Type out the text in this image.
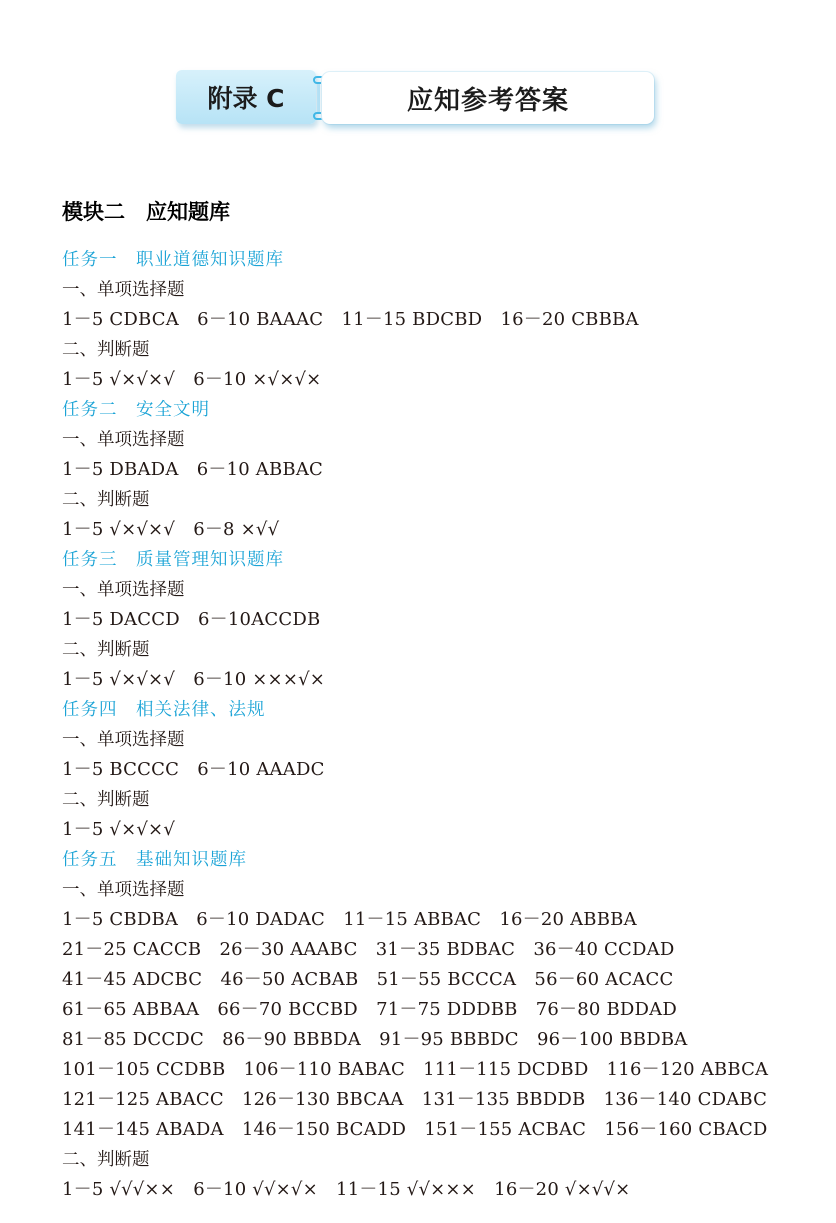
附录 C	应知参考答案
模块二　应知题库
任务一　职业道德知识题库
一、单项选择题
1－5 CDBCA　6－10 BAAAC　11－15 BDCBD　16－20 CBBBA
二、判断题
1－5 √×√×√　6－10 ×√×√×
任务二　安全文明
一、单项选择题
1－5 DBADA　6－10 ABBAC
二、判断题
1－5 √×√×√　6－8 ×√√
任务三　质量管理知识题库
一、单项选择题
1－5 DACCD　6－10ACCDB
二、判断题
1－5 √×√×√　6－10 ×××√×
任务四　相关法律、法规
一、单项选择题
1－5 BCCCC　6－10 AAADC
二、判断题
1－5 √×√×√
任务五　基础知识题库
一、单项选择题
1－5 CBDBA　6－10 DADAC　11－15 ABBAC　16－20 ABBBA
21－25 CACCB　26－30 AAABC　31－35 BDBAC　36－40 CCDAD
41－45 ADCBC　46－50 ACBAB　51－55 BCCCA　56－60 ACACC
61－65 ABBAA　66－70 BCCBD　71－75 DDDBB　76－80 BDDAD
81－85 DCCDC　86－90 BBBDA　91－95 BBBDC　96－100 BBDBA
101－105 CCDBB　106－110 BABAC　111－115 DCDBD　116－120 ABBCA
121－125 ABACC　126－130 BBCAA　131－135 BBDDB　136－140 CDABC
141－145 ABADA　146－150 BCADD　151－155 ACBAC　156－160 CBACD
二、判断题
1－5 √√√××　6－10 √√×√×　11－15 √√×××　16－20 √×√√×
